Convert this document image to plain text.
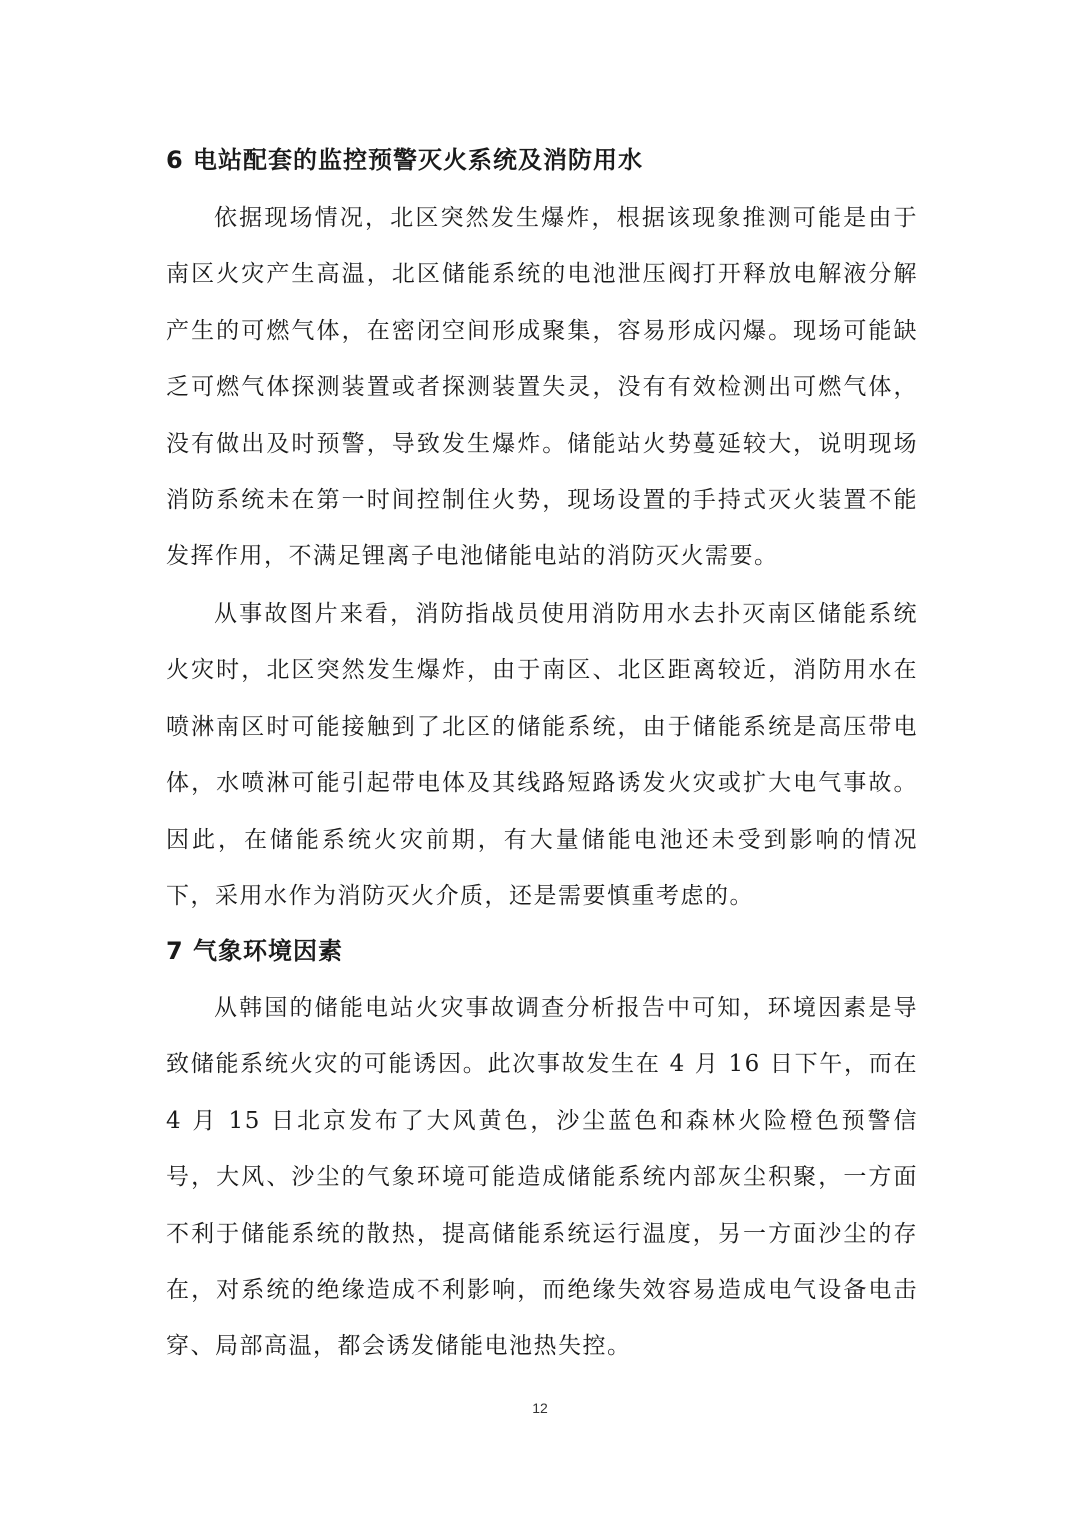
6 电站配套的监控预警灭火系统及消防用水
依据现场情况，北区突然发生爆炸，根据该现象推测可能是由于南区火灾产生高温，北区储能系统的电池泄压阀打开释放电解液分解产生的可燃气体，在密闭空间形成聚集，容易形成闪爆。现场可能缺乏可燃气体探测装置或者探测装置失灵，没有有效检测出可燃气体，没有做出及时预警，导致发生爆炸。储能站火势蔓延较大，说明现场消防系统未在第一时间控制住火势，现场设置的手持式灭火装置不能发挥作用，不满足锂离子电池储能电站的消防灭火需要。
从事故图片来看，消防指战员使用消防用水去扑灭南区储能系统火灾时，北区突然发生爆炸，由于南区、北区距离较近，消防用水在喷淋南区时可能接触到了北区的储能系统，由于储能系统是高压带电体，水喷淋可能引起带电体及其线路短路诱发火灾或扩大电气事故。因此，在储能系统火灾前期，有大量储能电池还未受到影响的情况下，采用水作为消防灭火介质，还是需要慎重考虑的。
7 气象环境因素
从韩国的储能电站火灾事故调查分析报告中可知，环境因素是导致储能系统火灾的可能诱因。此次事故发生在 4 月 16 日下午，而在 4 月 15 日北京发布了大风黄色，沙尘蓝色和森林火险橙色预警信号，大风、沙尘的气象环境可能造成储能系统内部灰尘积聚，一方面不利于储能系统的散热，提高储能系统运行温度，另一方面沙尘的存在，对系统的绝缘造成不利影响，而绝缘失效容易造成电气设备电击穿、局部高温，都会诱发储能电池热失控。
12
